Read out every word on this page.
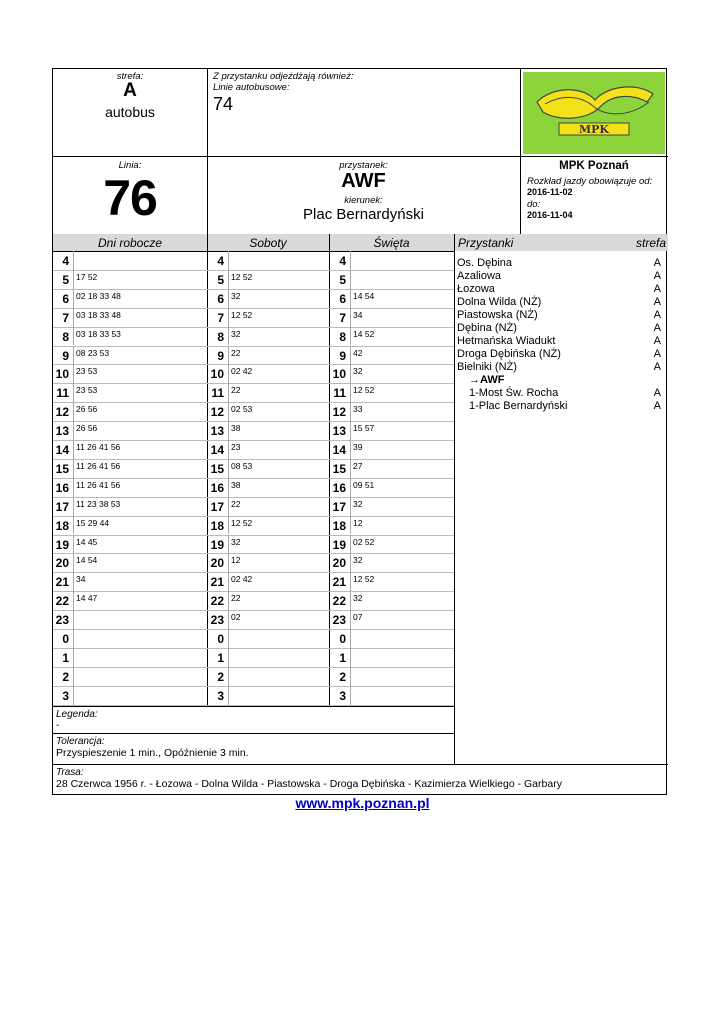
strefa:
A
autobus
Z przystanku odjeżdżają również:
Linie autobusowe:
74
MPK
Linia:
76
przystanek:
AWF
kierunek:
Plac Bernardyński
MPK Poznań
Rozkład jazdy obowiązuje od:
2016-11-02
do:
2016-11-04
Dni robocze	Soboty	Święta	Przystanki	strefa
4	4	4
5 17 52	5 12 52	5
6 02 18 33 48	6 32	6 14 54
7 03 18 33 48	7 12 52	7 34
8 03 18 33 53	8 32	8 14 52
9 08 23 53	9 22	9 42
10 23 53	10 02 42	10 32
11 23 53	11 22	11 12 52
12 26 56	12 02 53	12 33
13 26 56	13 38	13 15 57
14 11 26 41 56	14 23	14 39
15 11 26 41 56	15 08 53	15 27
16 11 26 41 56	16 38	16 09 51
17 11 23 38 53	17 22	17 32
18 15 29 44	18 12 52	18 12
19 14 45	19 32	19 02 52
20 14 54	20 12	20 32
21 34	21 02 42	21 12 52
22 14 47	22 22	22 32
23	23 02	23 07
0	0	0
1	1	1
2	2	2
3	3	3
Os. Dębina	A
Azaliowa	A
Łozowa	A
Dolna Wilda (NŻ)	A
Piastowska (NŻ)	A
Dębina (NŻ)	A
Hetmańska Wiadukt	A
Droga Dębińska (NŻ)	A
Bielniki (NŻ)	A
→AWF
1-Most Św. Rocha	A
1-Plac Bernardyński	A
Legenda:
-
Tolerancja:
Przyspieszenie 1 min., Opóźnienie 3 min.
Trasa:
28 Czerwca 1956 r. - Łozowa - Dolna Wilda - Piastowska - Droga Dębińska - Kazimierza Wielkiego - Garbary
www.mpk.poznan.pl
